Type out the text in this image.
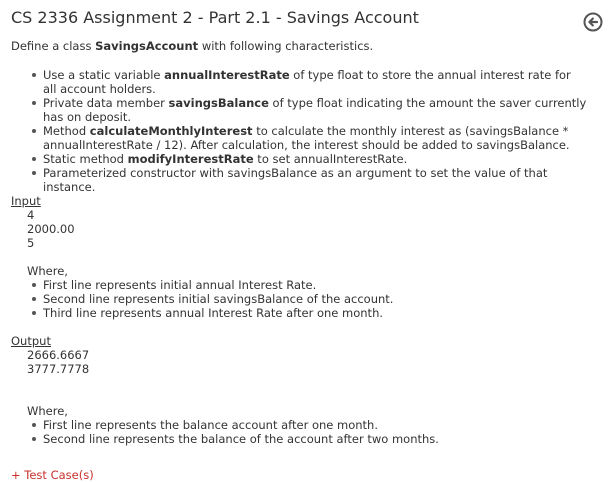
CS 2336 Assignment 2 - Part 2.1 - Savings Account

Define a class SavingsAccount with following characteristics.

Use a static variable annualInterestRate of type float to store the annual interest rate for all account holders.
Private data member savingsBalance of type float indicating the amount the saver currently has on deposit.
Method calculateMonthlyInterest to calculate the monthly interest as (savingsBalance * annualInterestRate / 12). After calculation, the interest should be added to savingsBalance.
Static method modifyInterestRate to set annualInterestRate.
Parameterized constructor with savingsBalance as an argument to set the value of that instance.
Input
4
2000.00
5
Where,
First line represents initial annual Interest Rate.
Second line represents initial savingsBalance of the account.
Third line represents annual Interest Rate after one month.
Output
2666.6667
3777.7778
Where,
First line represents the balance account after one month.
Second line represents the balance of the account after two months.
+ Test Case(s)
